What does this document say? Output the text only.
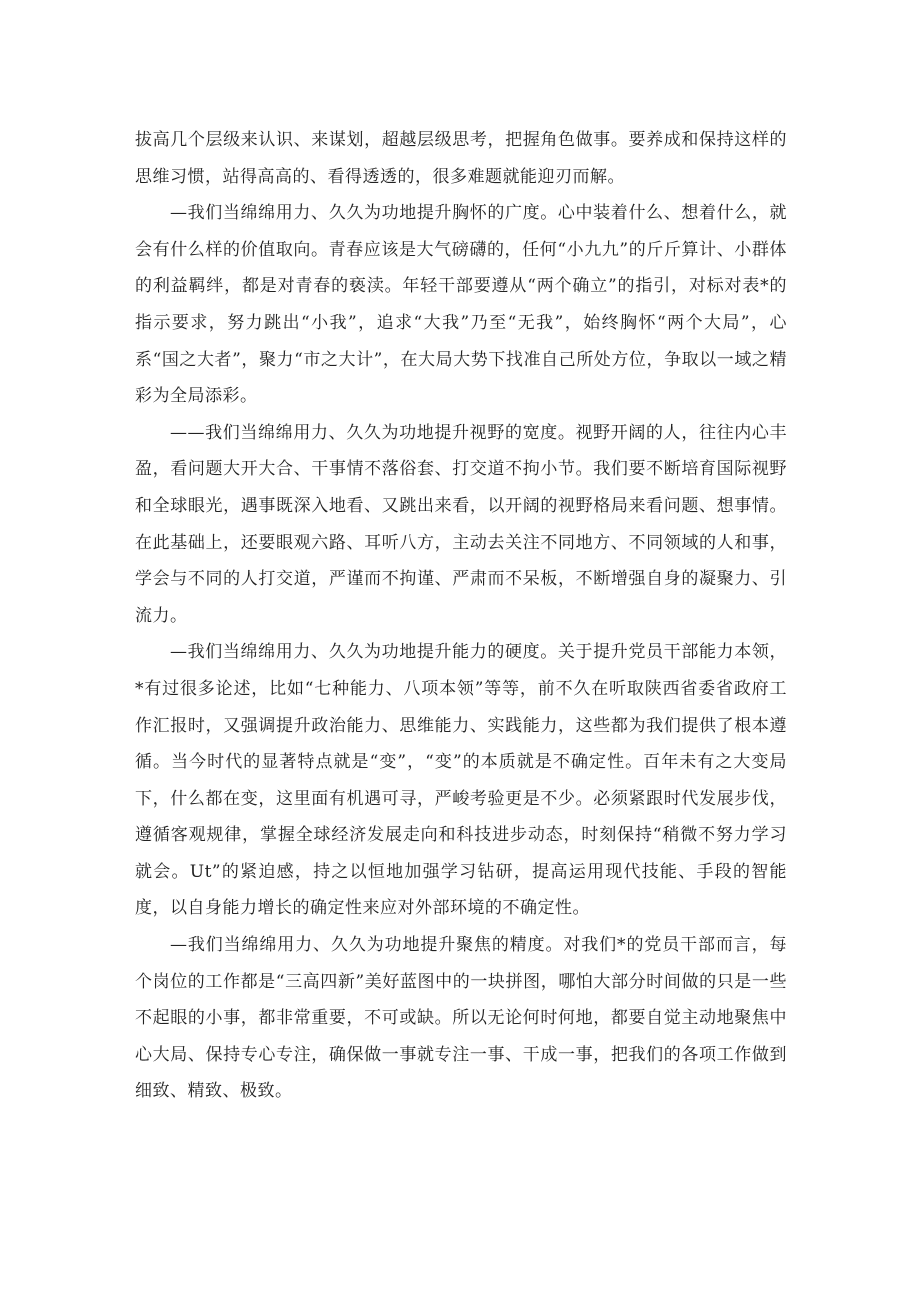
拔高几个层级来认识、来谋划，超越层级思考，把握角色做事。要养成和保持这样的思维习惯，站得高高的、看得透透的，很多难题就能迎刃而解。

—我们当绵绵用力、久久为功地提升胸怀的广度。心中装着什么、想着什么，就会有什么样的价值取向。青春应该是大气磅礴的，任何“小九九”的斤斤算计、小群体的利益羁绊，都是对青春的亵渎。年轻干部要遵从“两个确立”的指引，对标对表*的指示要求，努力跳出“小我”，追求“大我”乃至“无我”，始终胸怀“两个大局”，心系“国之大者”，聚力“市之大计”，在大局大势下找准自己所处方位，争取以一域之精彩为全局添彩。

——我们当绵绵用力、久久为功地提升视野的宽度。视野开阔的人，往往内心丰盈，看问题大开大合、干事情不落俗套、打交道不拘小节。我们要不断培育国际视野和全球眼光，遇事既深入地看、又跳出来看，以开阔的视野格局来看问题、想事情。在此基础上，还要眼观六路、耳听八方，主动去关注不同地方、不同领域的人和事，学会与不同的人打交道，严谨而不拘谨、严肃而不呆板，不断增强自身的凝聚力、引流力。

—我们当绵绵用力、久久为功地提升能力的硬度。关于提升党员干部能力本领，*有过很多论述，比如“七种能力、八项本领”等等，前不久在听取陕西省委省政府工作汇报时，又强调提升政治能力、思维能力、实践能力，这些都为我们提供了根本遵循。当今时代的显著特点就是“变”，“变”的本质就是不确定性。百年未有之大变局下，什么都在变，这里面有机遇可寻，严峻考验更是不少。必须紧跟时代发展步伐，遵循客观规律，掌握全球经济发展走向和科技进步动态，时刻保持“稍微不努力学习就会。Ut”的紧迫感，持之以恒地加强学习钻研，提高运用现代技能、手段的智能度，以自身能力增长的确定性来应对外部环境的不确定性。

—我们当绵绵用力、久久为功地提升聚焦的精度。对我们*的党员干部而言，每个岗位的工作都是“三高四新”美好蓝图中的一块拼图，哪怕大部分时间做的只是一些不起眼的小事，都非常重要，不可或缺。所以无论何时何地，都要自觉主动地聚焦中心大局、保持专心专注，确保做一事就专注一事、干成一事，把我们的各项工作做到细致、精致、极致。
